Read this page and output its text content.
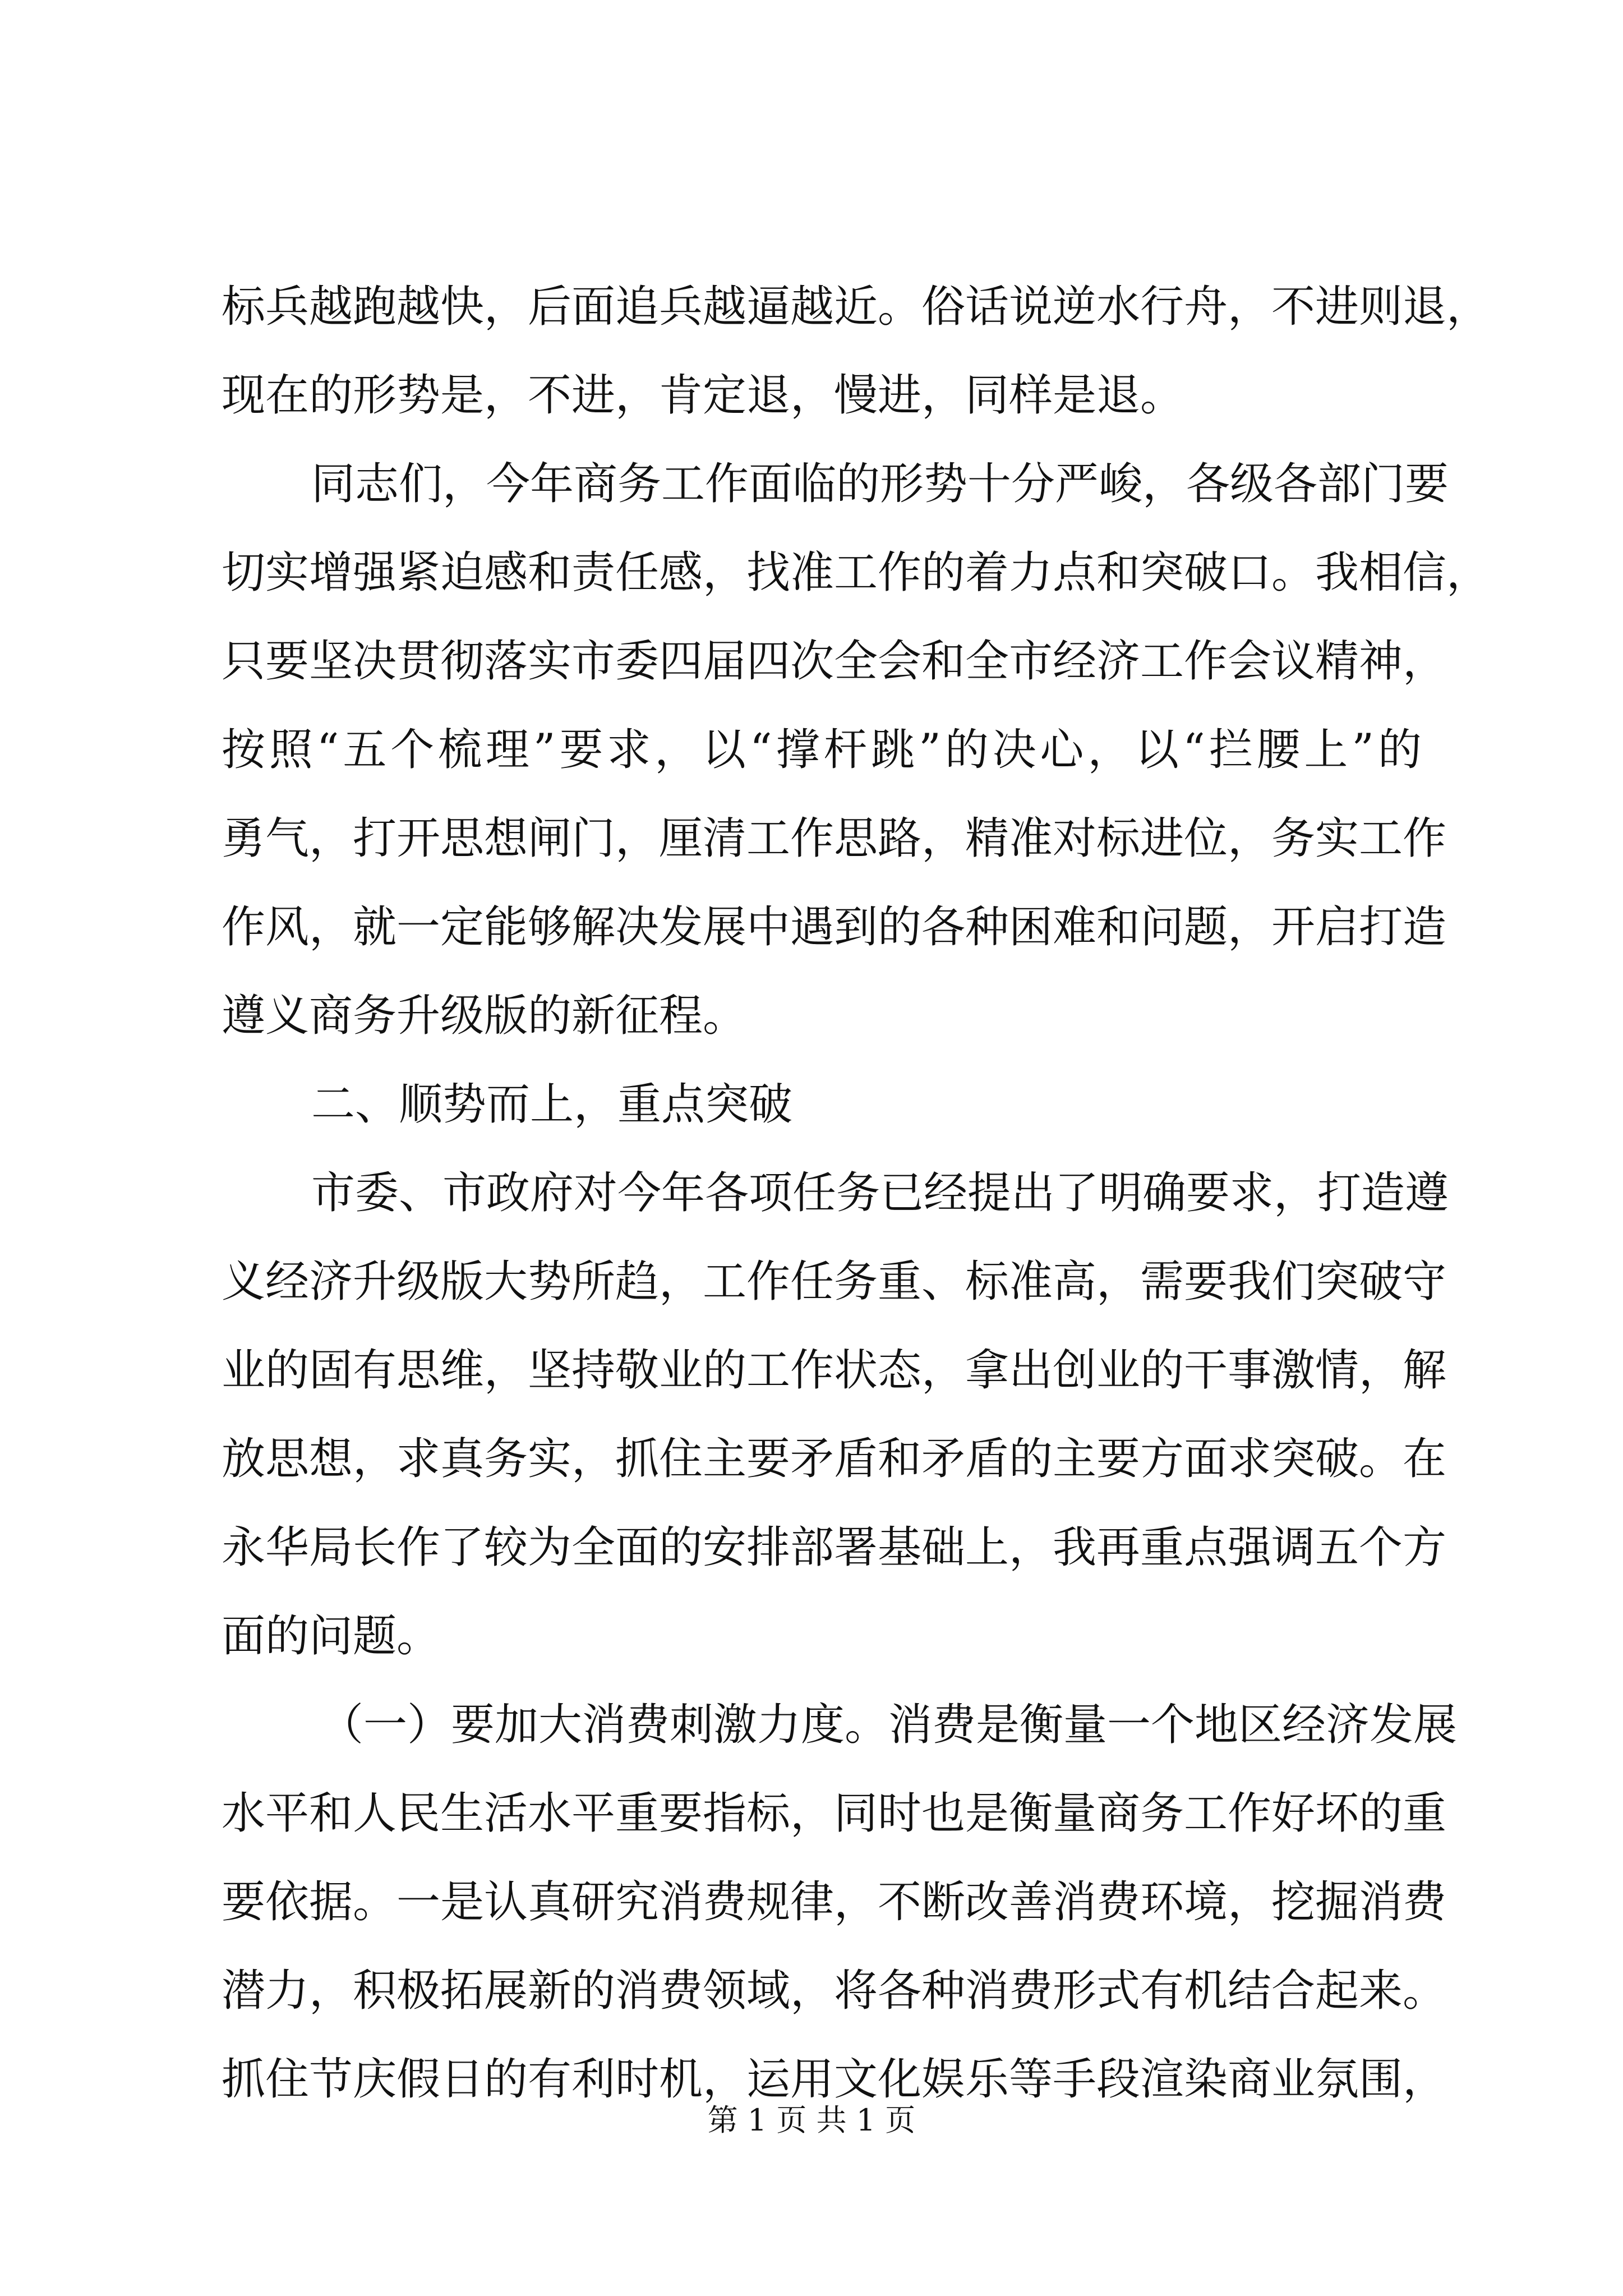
标兵越跑越快，后面追兵越逼越近。俗话说逆水行舟，不进则退，
现在的形势是，不进，肯定退，慢进，同样是退。
同志们，今年商务工作面临的形势十分严峻，各级各部门要
切实增强紧迫感和责任感，找准工作的着力点和突破口。我相信，
只要坚决贯彻落实市委四届四次全会和全市经济工作会议精神，
按照“五个梳理”要求，以“撑杆跳”的决心，以“拦腰上”的
勇气，打开思想闸门，厘清工作思路，精准对标进位，务实工作
作风，就一定能够解决发展中遇到的各种困难和问题，开启打造
遵义商务升级版的新征程。
二、顺势而上，重点突破
市委、市政府对今年各项任务已经提出了明确要求，打造遵
义经济升级版大势所趋，工作任务重、标准高，需要我们突破守
业的固有思维，坚持敬业的工作状态，拿出创业的干事激情，解
放思想，求真务实，抓住主要矛盾和矛盾的主要方面求突破。在
永华局长作了较为全面的安排部署基础上，我再重点强调五个方
面的问题。
（一）要加大消费刺激力度。消费是衡量一个地区经济发展
水平和人民生活水平重要指标，同时也是衡量商务工作好坏的重
要依据。一是认真研究消费规律，不断改善消费环境，挖掘消费
潜力，积极拓展新的消费领域，将各种消费形式有机结合起来。
抓住节庆假日的有利时机，运用文化娱乐等手段渲染商业氛围，
第 1 页 共 1 页
